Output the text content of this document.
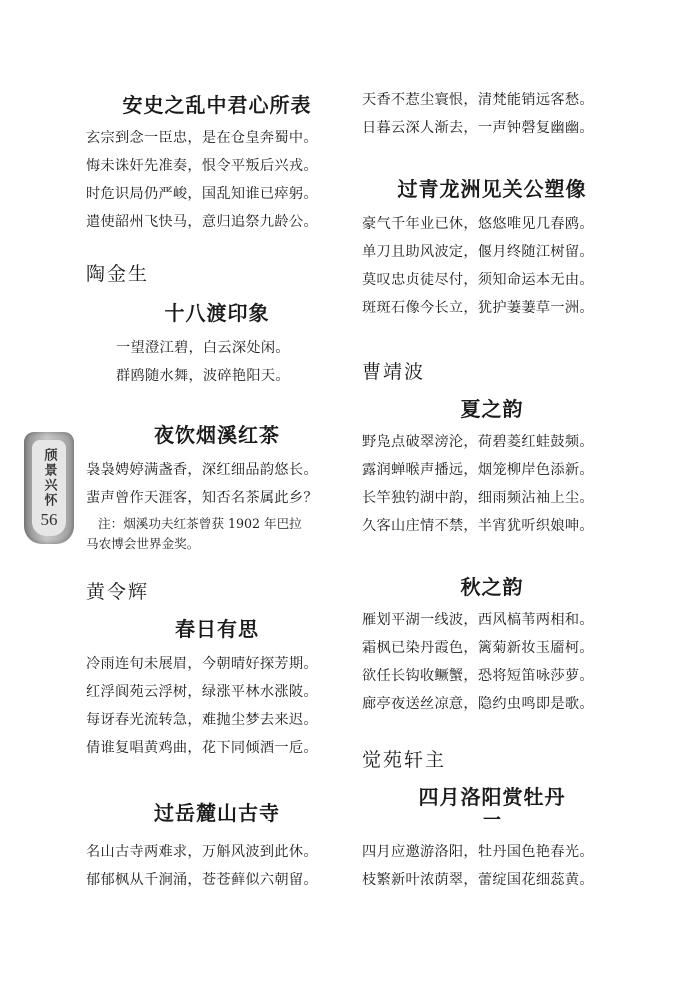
颀景兴怀
56
安史之乱中君心所表
玄宗到念一臣忠，是在仓皇奔蜀中。
悔未诛奸先准奏，恨令平叛后兴戎。
时危识局仍严峻，国乱知谁已瘁躬。
遣使韶州飞快马，意归追祭九龄公。
陶金生
十八渡印象
一望澄江碧，白云深处闲。
群鸥随水舞，波碎艳阳天。
夜饮烟溪红茶
袅袅娉婷满盏香，深红细品韵悠长。
蜚声曾作天涯客，知否名茶属此乡？
注：烟溪功夫红茶曾获 1902 年巴拉
马农博会世界金奖。
黄令辉
春日有思
冷雨连旬未展眉，今朝晴好探芳期。
红浮阆苑云浮树，绿涨平林水涨陂。
每讶春光流转急，难抛尘梦去来迟。
倩谁复唱黄鸡曲，花下同倾酒一卮。
过岳麓山古寺
名山古寺两难求，万斛风波到此休。
郁郁枫从千涧涌，苍苍藓似六朝留。
天香不惹尘寰恨，清梵能销远客愁。
日暮云深人渐去，一声钟磬复幽幽。
过青龙洲见关公塑像
豪气千年业已休，悠悠唯见几春鸥。
单刀且助风波定，偃月终随江树留。
莫叹忠贞徒尽付，须知命运本无由。
斑斑石像今长立，犹护萋萋草一洲。
曹靖波
夏之韵
野凫点破翠滂沦，荷碧菱红蛙鼓频。
露润蝉喉声播远，烟笼柳岸色添新。
长竿独钓湖中韵，细雨频沾袖上尘。
久客山庄情不禁，半宵犹听织娘呻。
秋之韵
雁划平湖一线波，西风槁苇两相和。
霜枫已染丹霞色，篱菊新妆玉靥柯。
欲任长钩收鳜蟹，恐将短笛咏莎萝。
廊亭夜送丝凉意，隐约虫鸣即是歌。
觉苑轩主
四月洛阳赏牡丹
一
四月应邀游洛阳，牡丹国色艳春光。
枝繁新叶浓荫翠，蕾绽国花细蕊黄。
